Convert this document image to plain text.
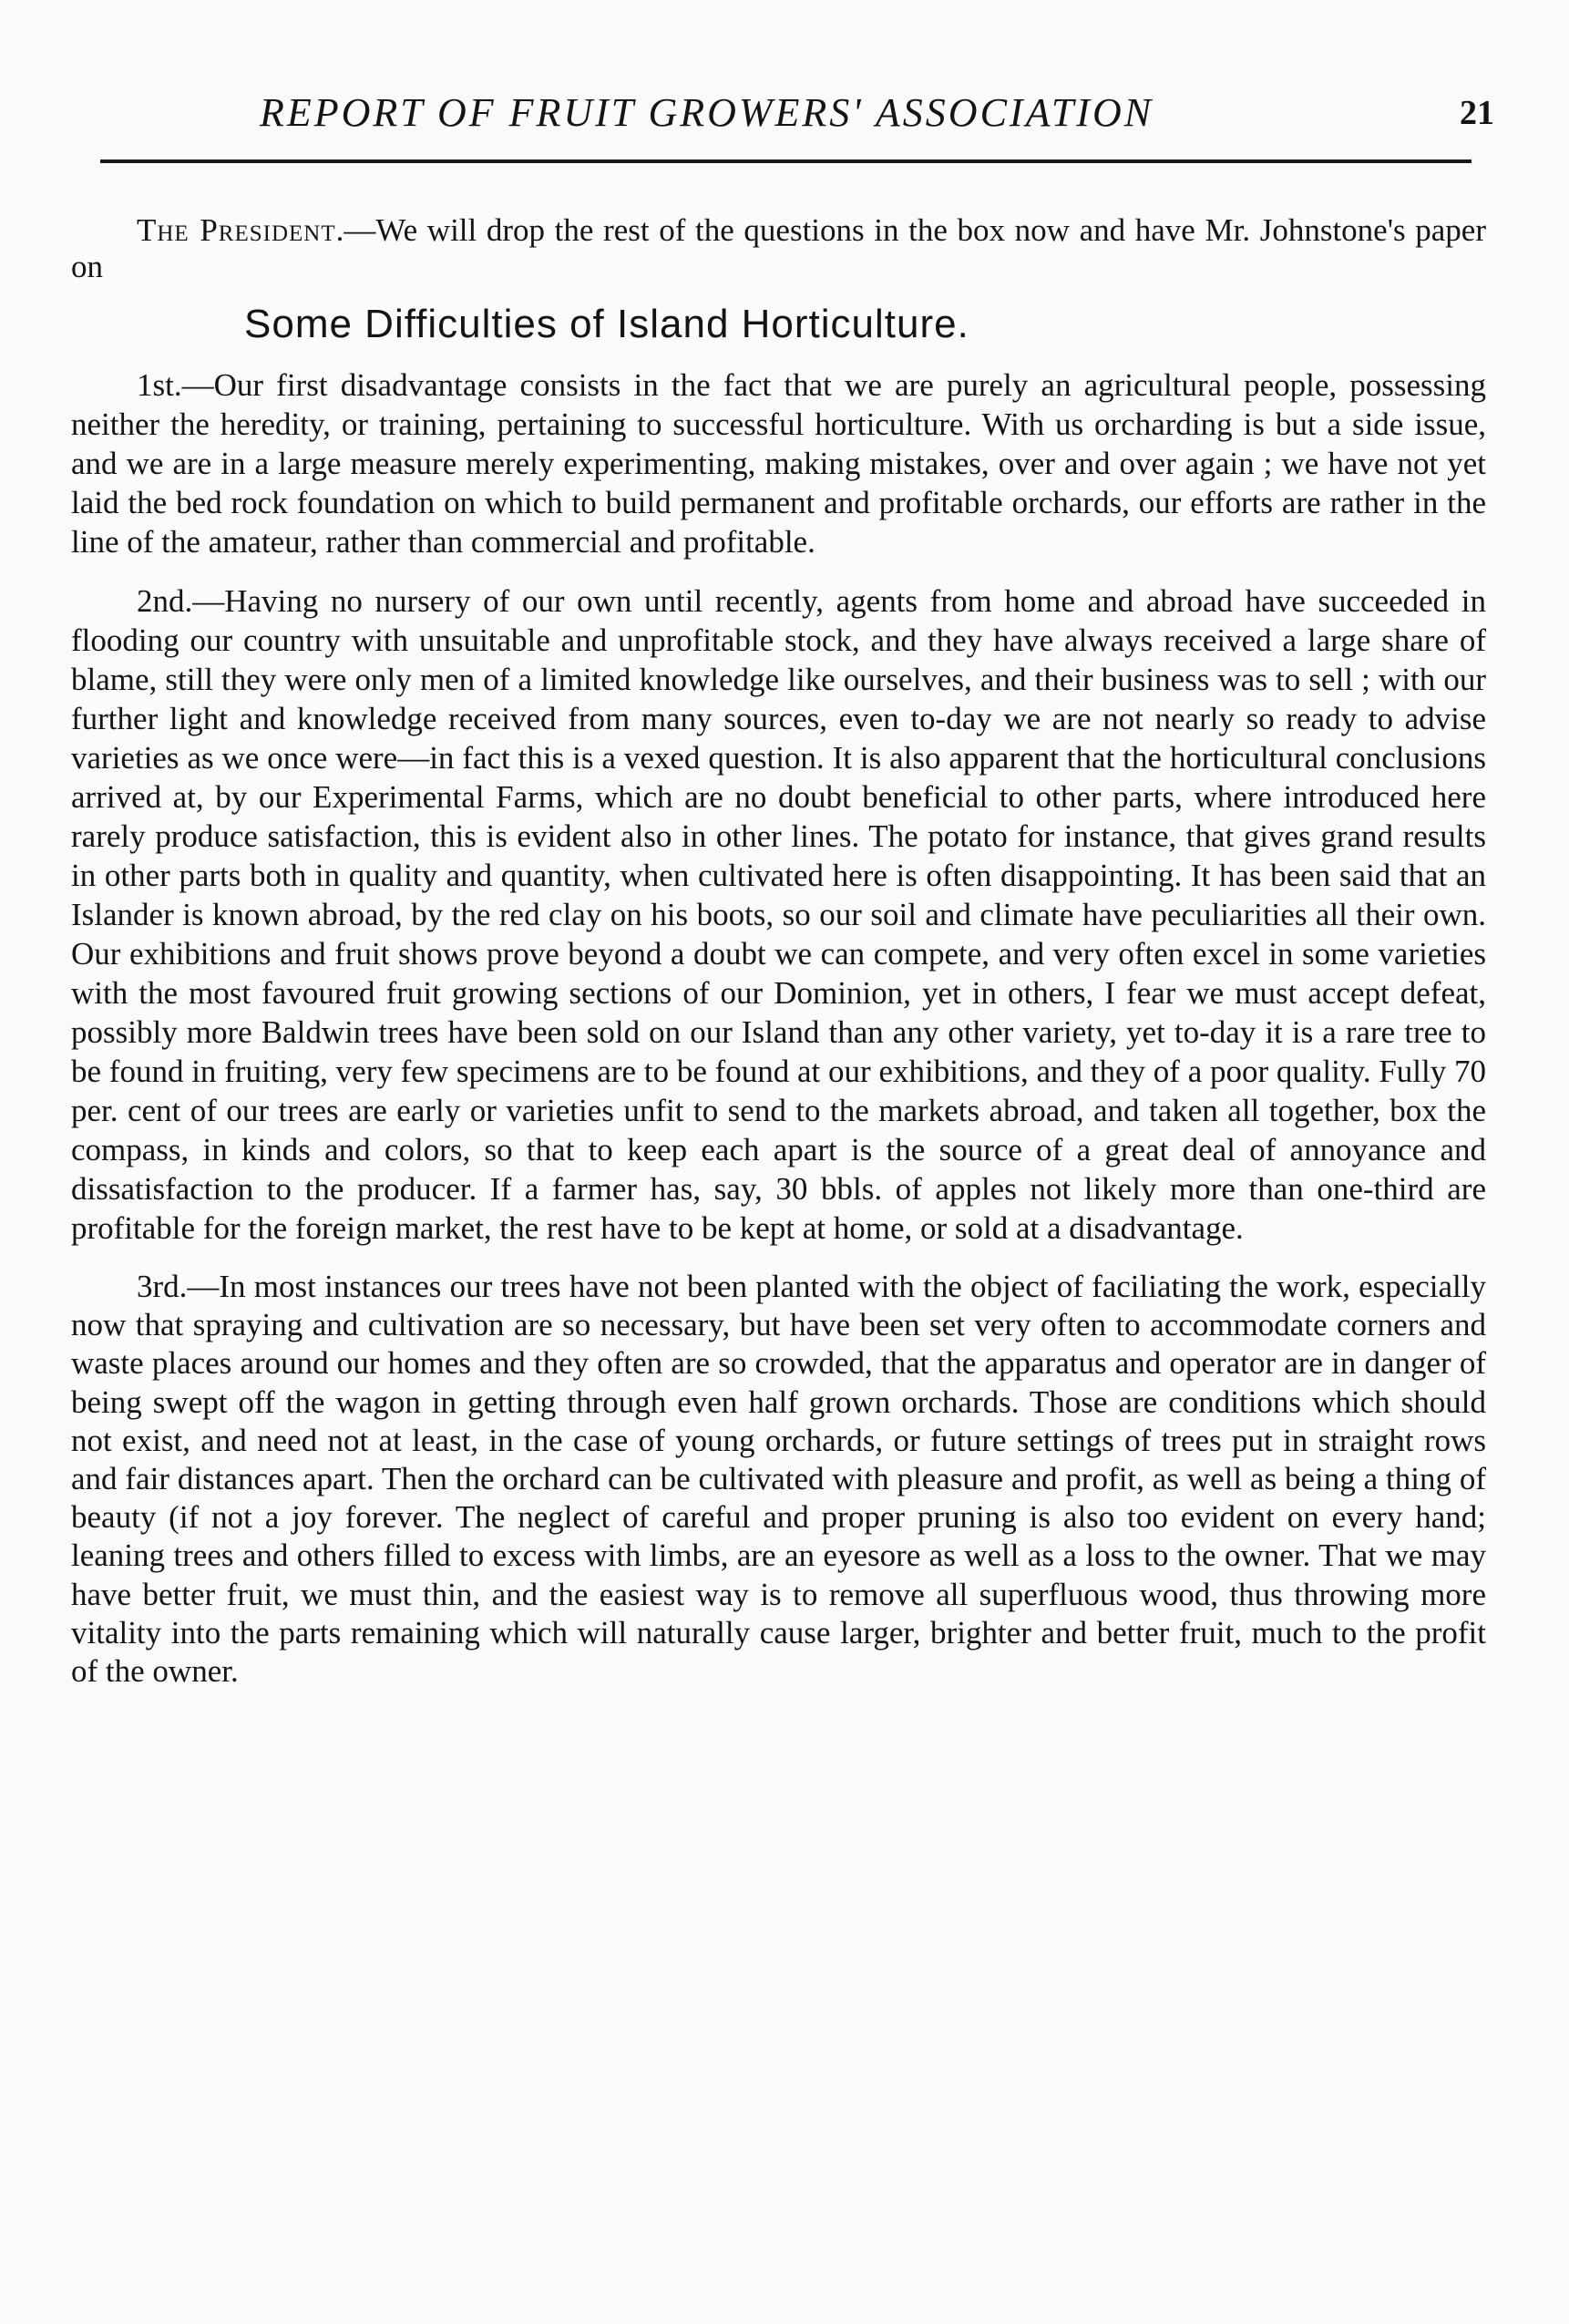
REPORT OF FRUIT GROWERS' ASSOCIATION	21

The President.—We will drop the rest of the questions in the box now and have Mr. Johnstone's paper on

Some Difficulties of Island Horticulture.

1st.—Our first disadvantage consists in the fact that we are purely an agricultural people, possessing neither the heredity, or training, pertaining to successful horticulture. With us orcharding is but a side issue, and we are in a large measure merely experimenting, making mistakes, over and over again ; we have not yet laid the bed rock foundation on which to build permanent and profitable orchards, our efforts are rather in the line of the amateur, rather than commercial and profitable.

2nd.—Having no nursery of our own until recently, agents from home and abroad have succeeded in flooding our country with unsuitable and unprofitable stock, and they have always received a large share of blame, still they were only men of a limited knowledge like ourselves, and their business was to sell ; with our further light and knowledge received from many sources, even to-day we are not nearly so ready to advise varieties as we once were—in fact this is a vexed question. It is also apparent that the horticultural conclusions arrived at, by our Experimental Farms, which are no doubt beneficial to other parts, where introduced here rarely produce satisfaction, this is evident also in other lines. The potato for instance, that gives grand results in other parts both in quality and quantity, when cultivated here is often disappointing. It has been said that an Islander is known abroad, by the red clay on his boots, so our soil and climate have peculiarities all their own. Our exhibitions and fruit shows prove beyond a doubt we can compete, and very often excel in some varieties with the most favoured fruit growing sections of our Dominion, yet in others, I fear we must accept defeat, possibly more Baldwin trees have been sold on our Island than any other variety, yet to-day it is a rare tree to be found in fruiting, very few specimens are to be found at our exhibitions, and they of a poor quality. Fully 70 per. cent of our trees are early or varieties unfit to send to the markets abroad, and taken all together, box the compass, in kinds and colors, so that to keep each apart is the source of a great deal of annoyance and dissatisfaction to the producer. If a farmer has, say, 30 bbls. of apples not likely more than one-third are profitable for the foreign market, the rest have to be kept at home, or sold at a disadvantage.

3rd.—In most instances our trees have not been planted with the object of faciliating the work, especially now that spraying and cultivation are so necessary, but have been set very often to accommodate corners and waste places around our homes and they often are so crowded, that the apparatus and operator are in danger of being swept off the wagon in getting through even half grown orchards. Those are conditions which should not exist, and need not at least, in the case of young orchards, or future settings of trees put in straight rows and fair distances apart. Then the orchard can be cultivated with pleasure and profit, as well as being a thing of beauty (if not a joy forever. The neglect of careful and proper pruning is also too evident on every hand; leaning trees and others filled to excess with limbs, are an eyesore as well as a loss to the owner. That we may have better fruit, we must thin, and the easiest way is to remove all superfluous wood, thus throwing more vitality into the parts remaining which will naturally cause larger, brighter and better fruit, much to the profit of the owner.
